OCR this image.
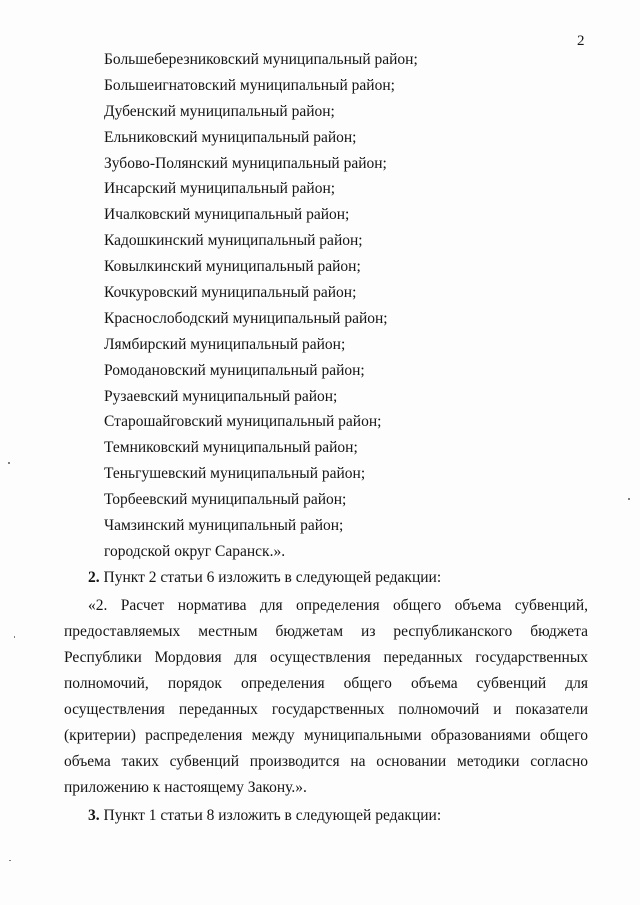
2
Большеберезниковский муниципальный район;
Большеигнатовский муниципальный район;
Дубенский муниципальный район;
Ельниковский муниципальный район;
Зубово-Полянский муниципальный район;
Инсарский муниципальный район;
Ичалковский муниципальный район;
Кадошкинский муниципальный район;
Ковылкинский муниципальный район;
Кочкуровский муниципальный район;
Краснослободский муниципальный район;
Лямбирский муниципальный район;
Ромодановский муниципальный район;
Рузаевский муниципальный район;
Старошайговский муниципальный район;
Темниковский муниципальный район;
Теньгушевский муниципальный район;
Торбеевский муниципальный район;
Чамзинский муниципальный район;
городской округ Саранск.».
2. Пункт 2 статьи 6 изложить в следующей редакции:
«2. Расчет норматива для определения общего объема субвенций,
предоставляемых местным бюджетам из республиканского бюджета
Республики Мордовия для осуществления переданных государственных
полномочий, порядок определения общего объема субвенций для
осуществления переданных государственных полномочий и показатели
(критерии) распределения между муниципальными образованиями общего
объема таких субвенций производится на основании методики согласно
приложению к настоящему Закону.».
3. Пункт 1 статьи 8 изложить в следующей редакции:
